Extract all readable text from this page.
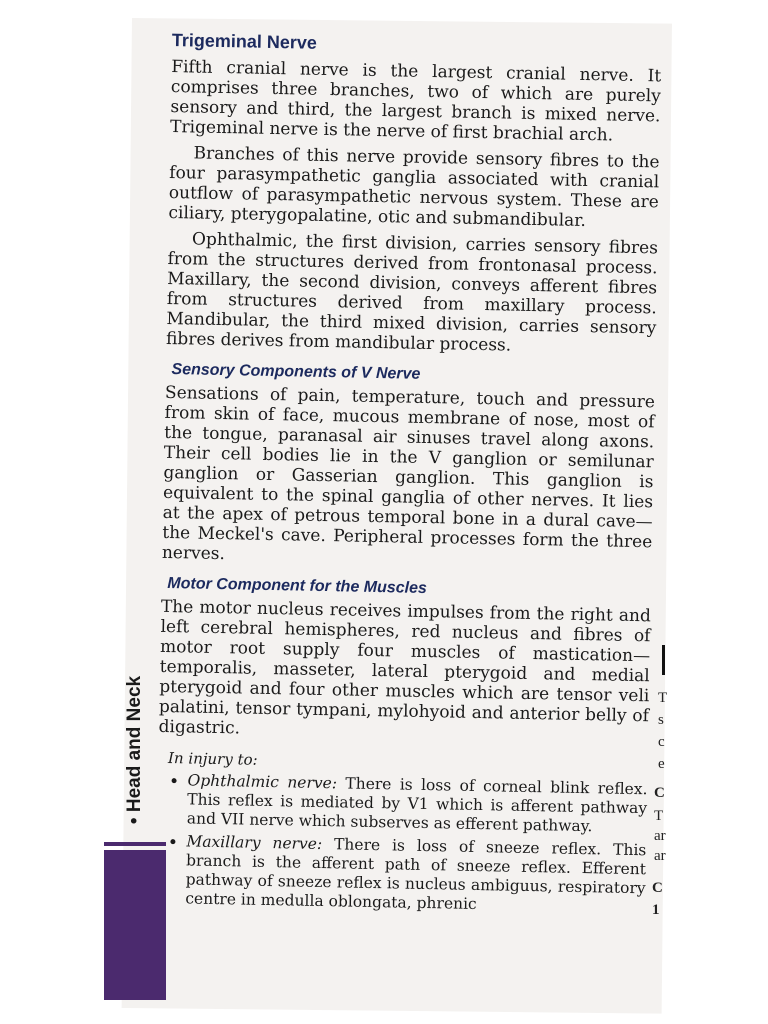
• Head and Neck
Trigeminal Nerve

Fifth cranial nerve is the largest cranial nerve. It comprises three branches, two of which are purely sensory and third, the largest branch is mixed nerve. Trigeminal nerve is the nerve of first brachial arch.

Branches of this nerve provide sensory fibres to the four parasympathetic ganglia associated with cranial outflow of parasympathetic nervous system. These are ciliary, pterygopalatine, otic and submandibular.

Ophthalmic, the first division, carries sensory fibres from the structures derived from frontonasal process. Maxillary, the second division, conveys afferent fibres from structures derived from maxillary process. Mandibular, the third mixed division, carries sensory fibres derives from mandibular process.

Sensory Components of V Nerve

Sensations of pain, temperature, touch and pressure from skin of face, mucous membrane of nose, most of the tongue, paranasal air sinuses travel along axons. Their cell bodies lie in the V ganglion or semilunar ganglion or Gasserian ganglion. This ganglion is equivalent to the spinal ganglia of other nerves. It lies at the apex of petrous temporal bone in a dural cave—the Meckel's cave. Peripheral processes form the three nerves.

Motor Component for the Muscles

The motor nucleus receives impulses from the right and left cerebral hemispheres, red nucleus and fibres of motor root supply four muscles of mastication—temporalis, masseter, lateral pterygoid and medial pterygoid and four other muscles which are tensor veli palatini, tensor tympani, mylohyoid and anterior belly of digastric.

In injury to:
• Ophthalmic nerve: There is loss of corneal blink reflex. This reflex is mediated by V1 which is afferent pathway and VII nerve which subserves as efferent pathway.
• Maxillary nerve: There is loss of sneeze reflex. This branch is the afferent path of sneeze reflex. Efferent pathway of sneeze reflex is nucleus ambiguus, respiratory centre in medulla oblongata, phrenic
T
s
c
e
C
T
ar
ar
C
1
